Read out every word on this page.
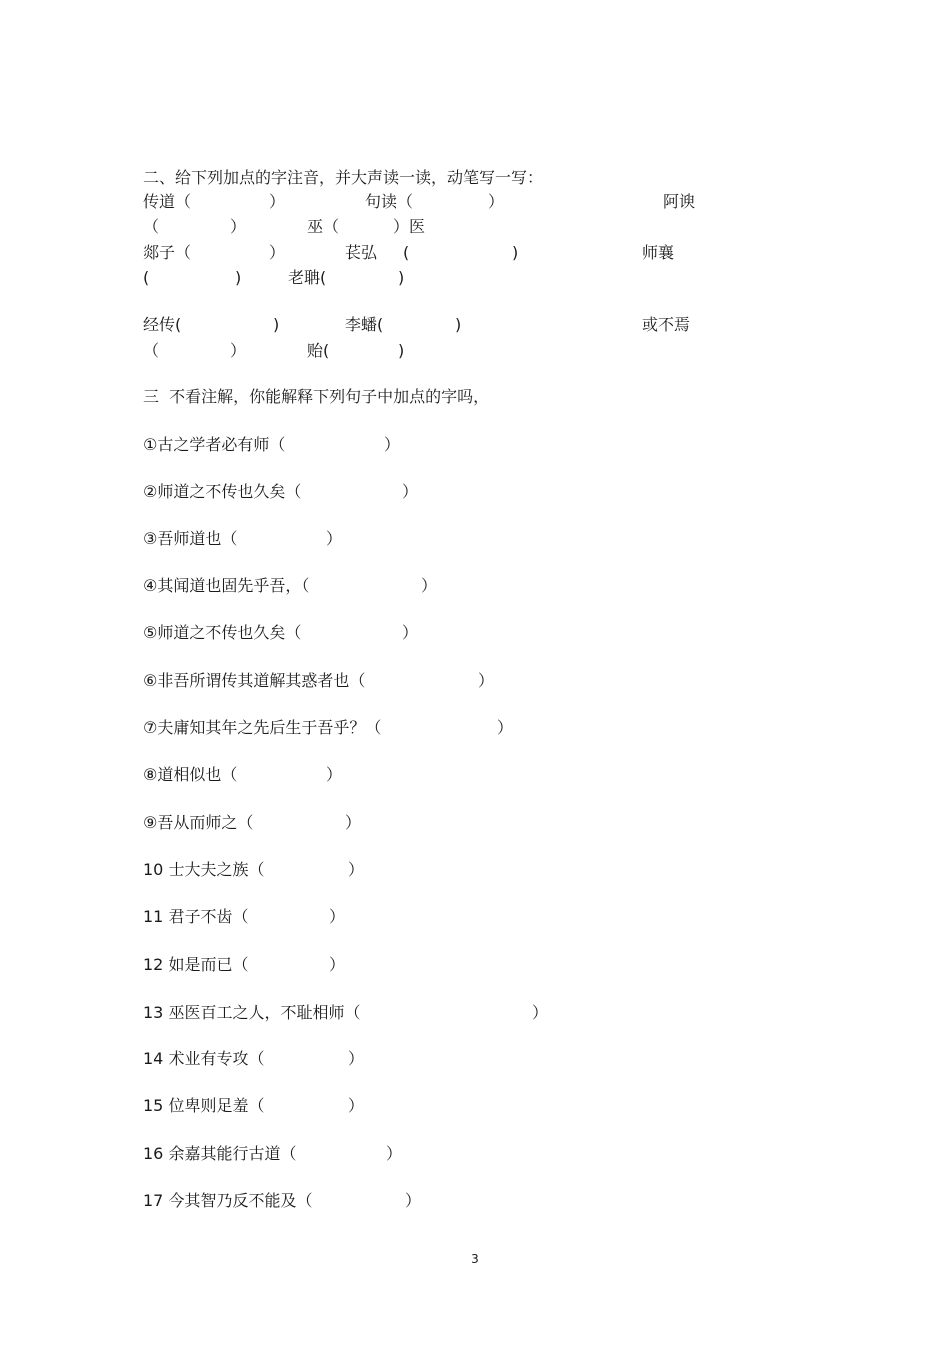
二、给下列加点的字注音，并大声读一读，动笔写一写：
传道（	）	句读（	）	阿谀
（	）	巫（	）医
郯子（	）	苌弘 (	)	师襄
(	)	老聃(	)
经传(	)	李蟠(	)	或不焉
（	）	贻(	)
三  不看注解，你能解释下列句子中加点的字吗，
①古之学者必有师（	）
②师道之不传也久矣（	）
③吾师道也（	）
④其闻道也固先乎吾，（	）
⑤师道之不传也久矣（	）
⑥非吾所谓传其道解其惑者也（	）
⑦夫庸知其年之先后生于吾乎？（	）
⑧道相似也（	）
⑨吾从而师之（	）
10 士大夫之族（	）
11 君子不齿（	）
12 如是而已（	）
13 巫医百工之人，不耻相师（	）
14 术业有专攻（	）
15 位卑则足羞（	）
16 余嘉其能行古道（	）
17 今其智乃反不能及（	）
3
